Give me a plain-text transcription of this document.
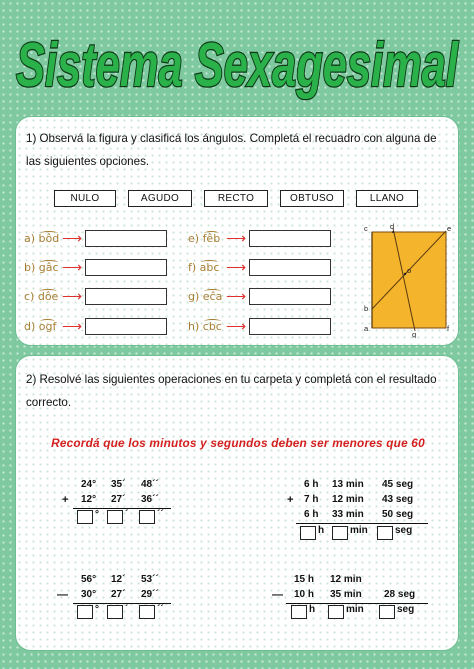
Sistema Sexagesimal
1) Observá la figura y clasificá los ángulos. Completá el recuadro con alguna de las siguientes opciones.
NULO	AGUDO	RECTO	OBTUSO	LLANO
a) bôd ⟶
b) gâc ⟶
c) dôe ⟶
d) ogf ⟶
e) fêb ⟶
f) abc ⟶
g) eĉa ⟶
h) cbc ⟶
c	d	e
o
b
a
g
f
2) Resolvé las siguientes operaciones en tu carpeta y completá con el resultado correcto.
Recordá que los minutos y segundos deben ser menores que 60
24° 35´ 48´´
+ 12° 27´ 36´´
°	´	´´
6 h 13 min 45 seg
+ 7 h 12 min 43 seg
6 h 33 min 50 seg
h	min	seg
56° 12´ 53´´
— 30° 27´ 29´´
°	´	´´
15 h 12 min
— 10 h 35 min 28 seg
h	min	seg
